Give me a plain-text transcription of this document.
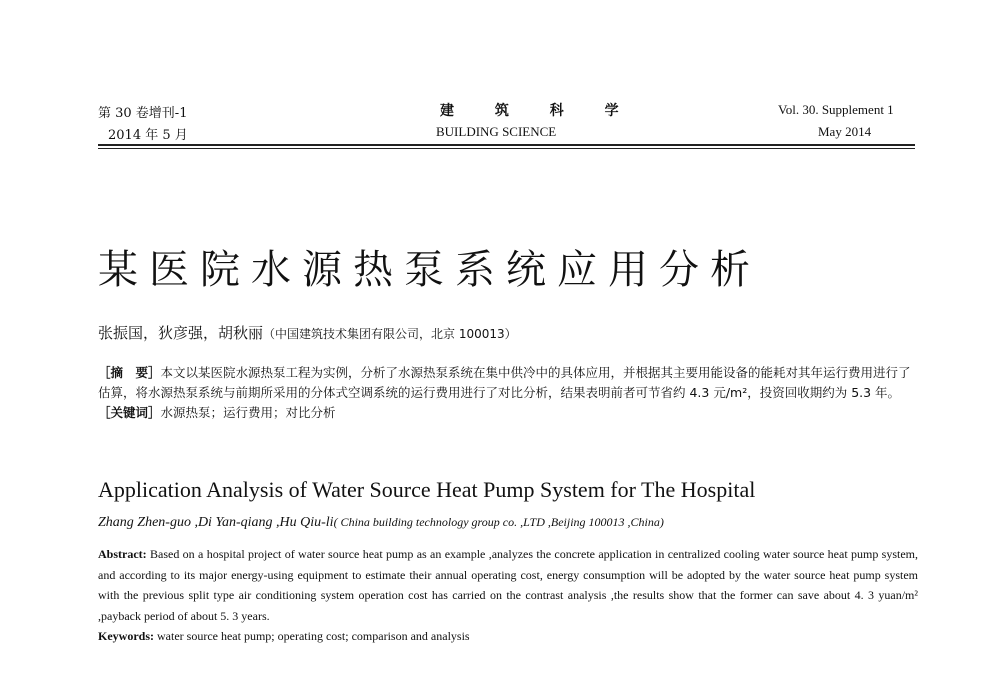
第 30 卷增刊-1
2014 年 5 月
建 筑 科 学
BUILDING SCIENCE
Vol. 30. Supplement 1
May 2014
某医院水源热泵系统应用分析
张振国，狄彦强，胡秋丽（中国建筑技术集团有限公司，北京 100013）
［摘　要］本文以某医院水源热泵工程为实例，分析了水源热泵系统在集中供冷中的具体应用，并根据其主要用能设备的能耗对其年运行费用进行了估算，将水源热泵系统与前期所采用的分体式空调系统的运行费用进行了对比分析，结果表明前者可节省约 4.3 元/m²，投资回收期约为 5.3 年。
［关键词］水源热泵；运行费用；对比分析
Application Analysis of Water Source Heat Pump System for The Hospital
Zhang Zhen-guo ,Di Yan-qiang ,Hu Qiu-li( China building technology group co. ,LTD ,Beijing 100013 ,China)
Abstract: Based on a hospital project of water source heat pump as an example ,analyzes the concrete application in centralized cooling water source heat pump system, and according to its major energy-using equipment to estimate their annual operating cost, energy consumption will be adopted by the water source heat pump system with the previous split type air conditioning system operation cost has carried on the contrast analysis ,the results show that the former can save about 4. 3 yuan/m² ,payback period of about 5. 3 years.
Keywords: water source heat pump; operating cost; comparison and analysis
